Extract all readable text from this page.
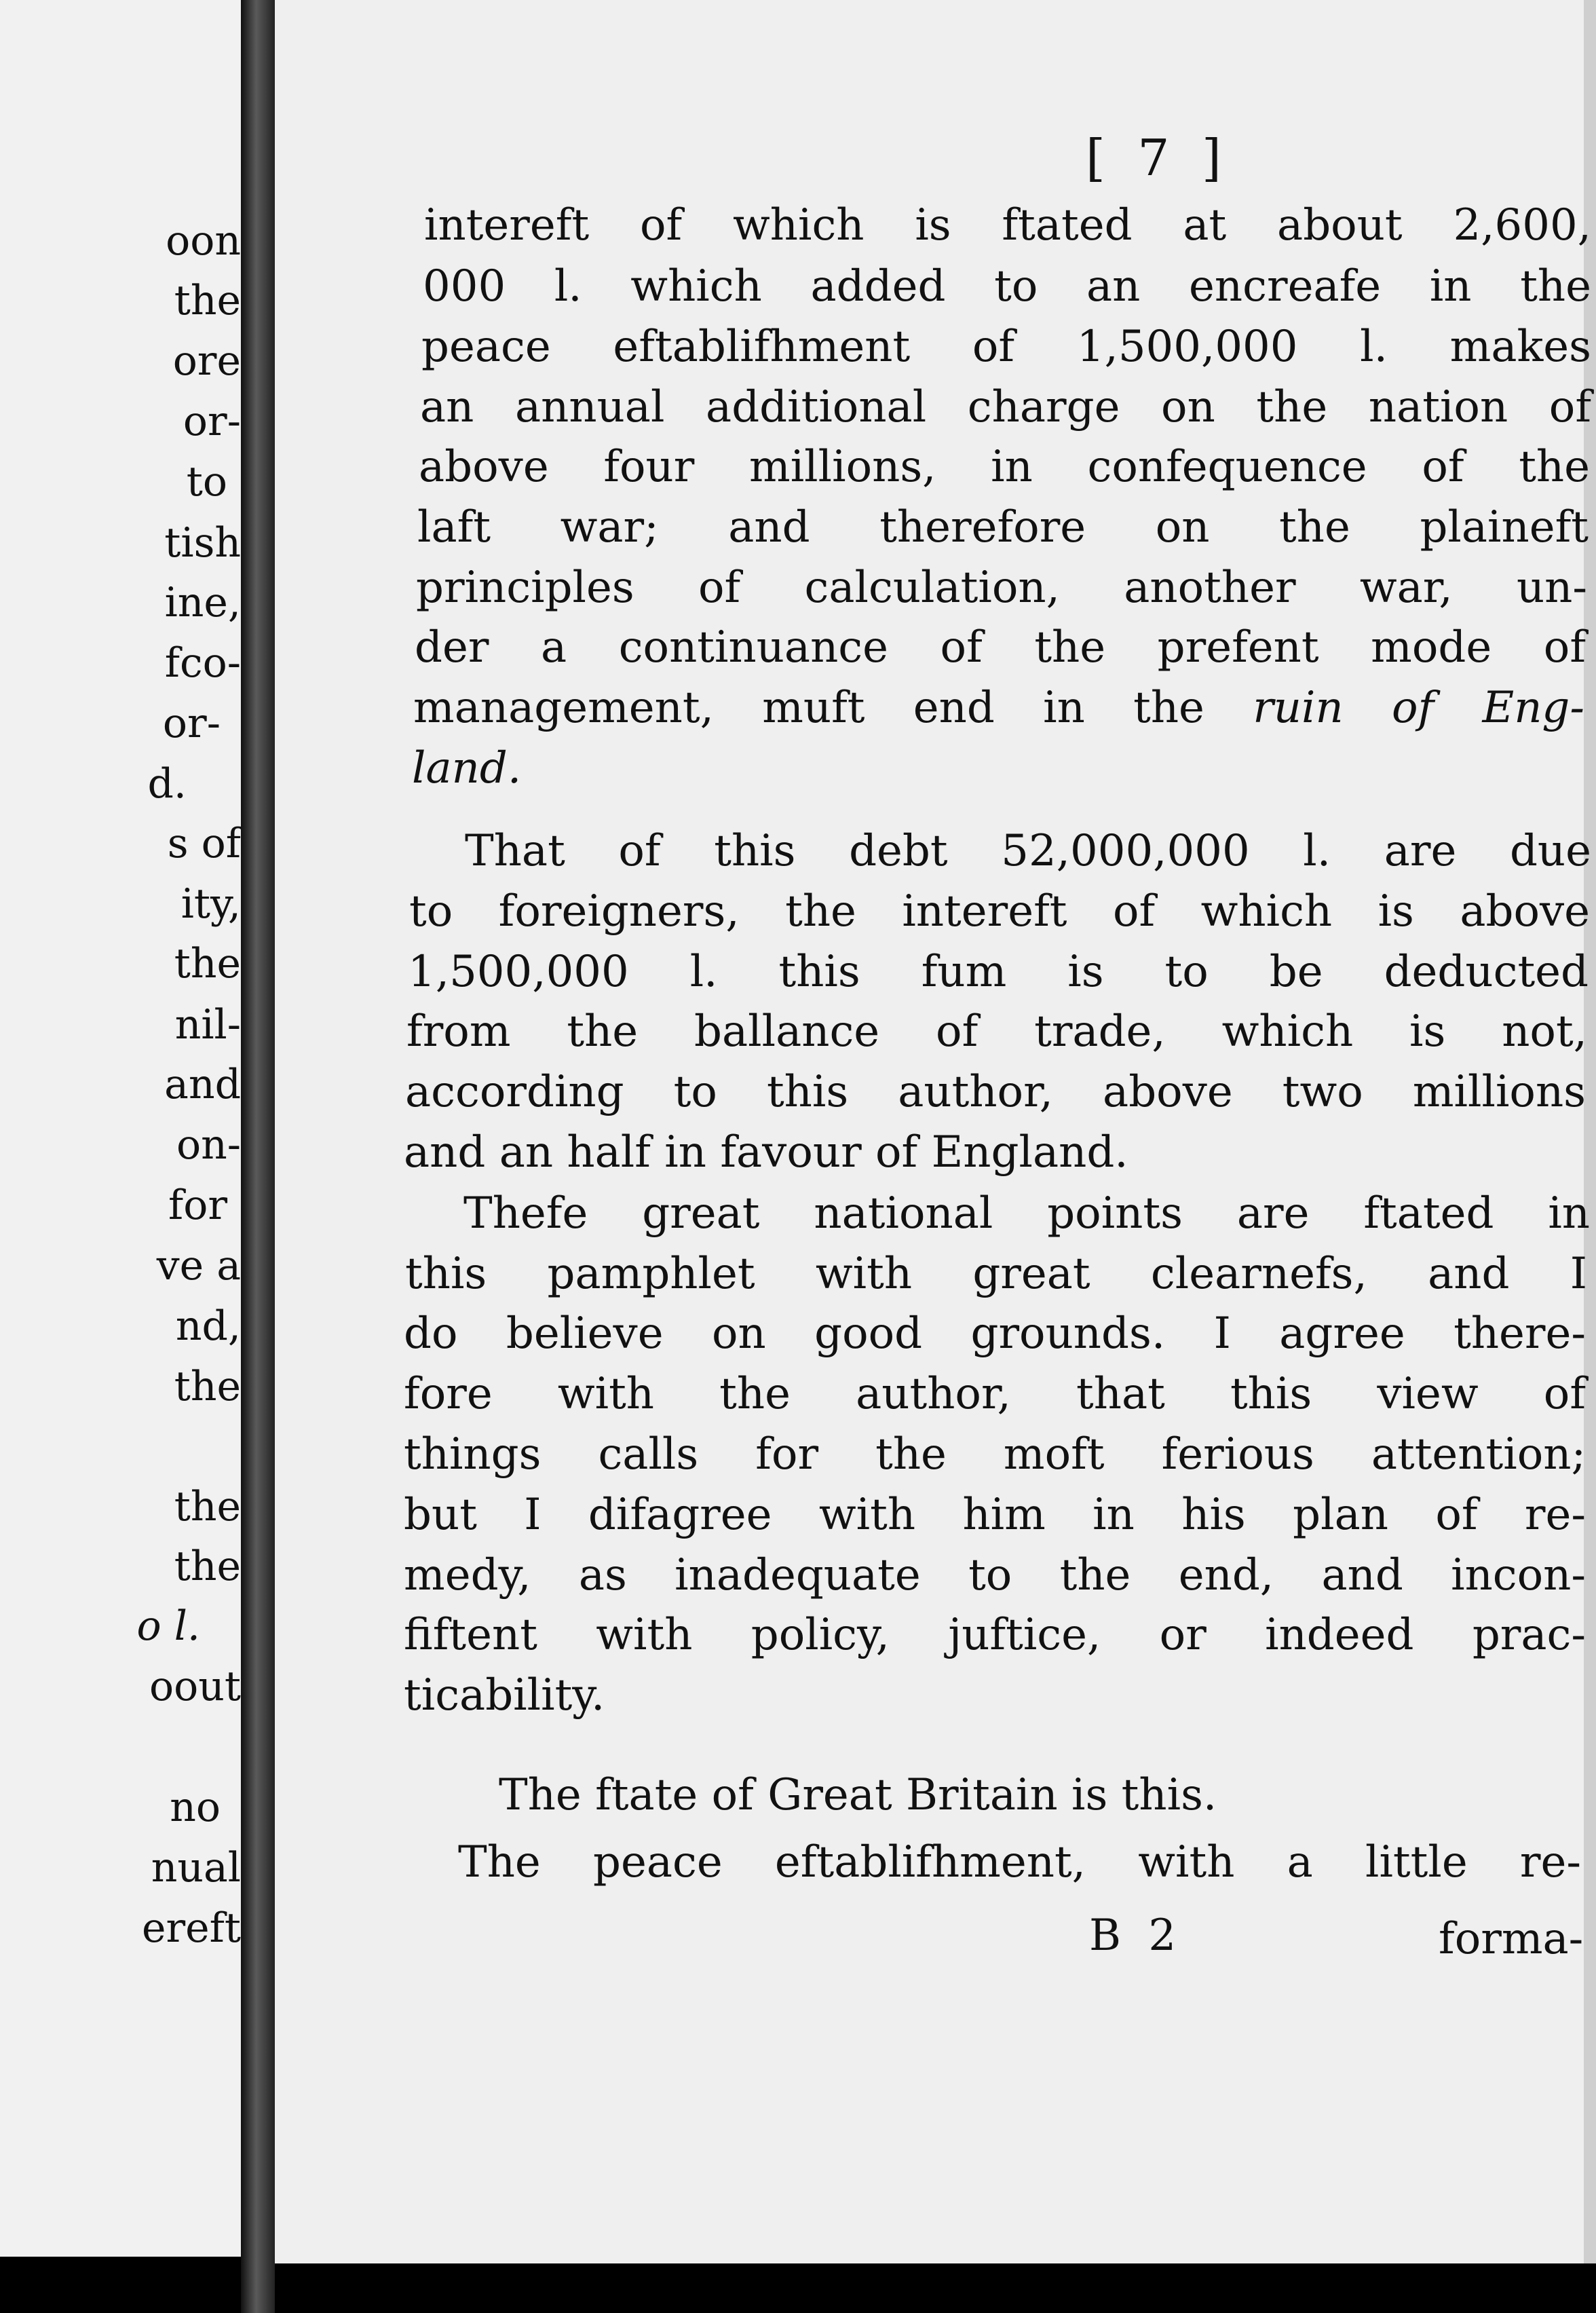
oon
the
ore
or-
to
tish
ine,
fco-
or-
d.
s of
ity,
the
nil-
and
on-
for
ve a
nd,
the
the
the
o l.
oout
no
nual
ereft
[ 7 ]
intereft of which is ftated at about 2,600,
000 l. which added to an encreafe in the
peace eftablifhment of 1,500,000 l. makes
an annual additional charge on the nation of
above four millions, in confequence of the
laft war; and therefore on the plaineft
principles of calculation, another war, un-
der a continuance of the prefent mode of
management, muft end in the ruin of Eng-
land.
That of this debt 52,000,000 l. are due
to foreigners, the intereft of which is above
1,500,000 l. this fum is to be deducted
from the ballance of trade, which is not,
according to this author, above two millions
and an half in favour of England.
Thefe great national points are ftated in
this pamphlet with great clearnefs, and I
do believe on good grounds. I agree there-
fore with the author, that this view of
things calls for the moft ferious attention;
but I difagree with him in his plan of re-
medy, as inadequate to the end, and incon-
fiftent with policy, juftice, or indeed prac-
ticability.
The ftate of Great Britain is this.
The peace eftablifhment, with a little re-
B 2	forma-
